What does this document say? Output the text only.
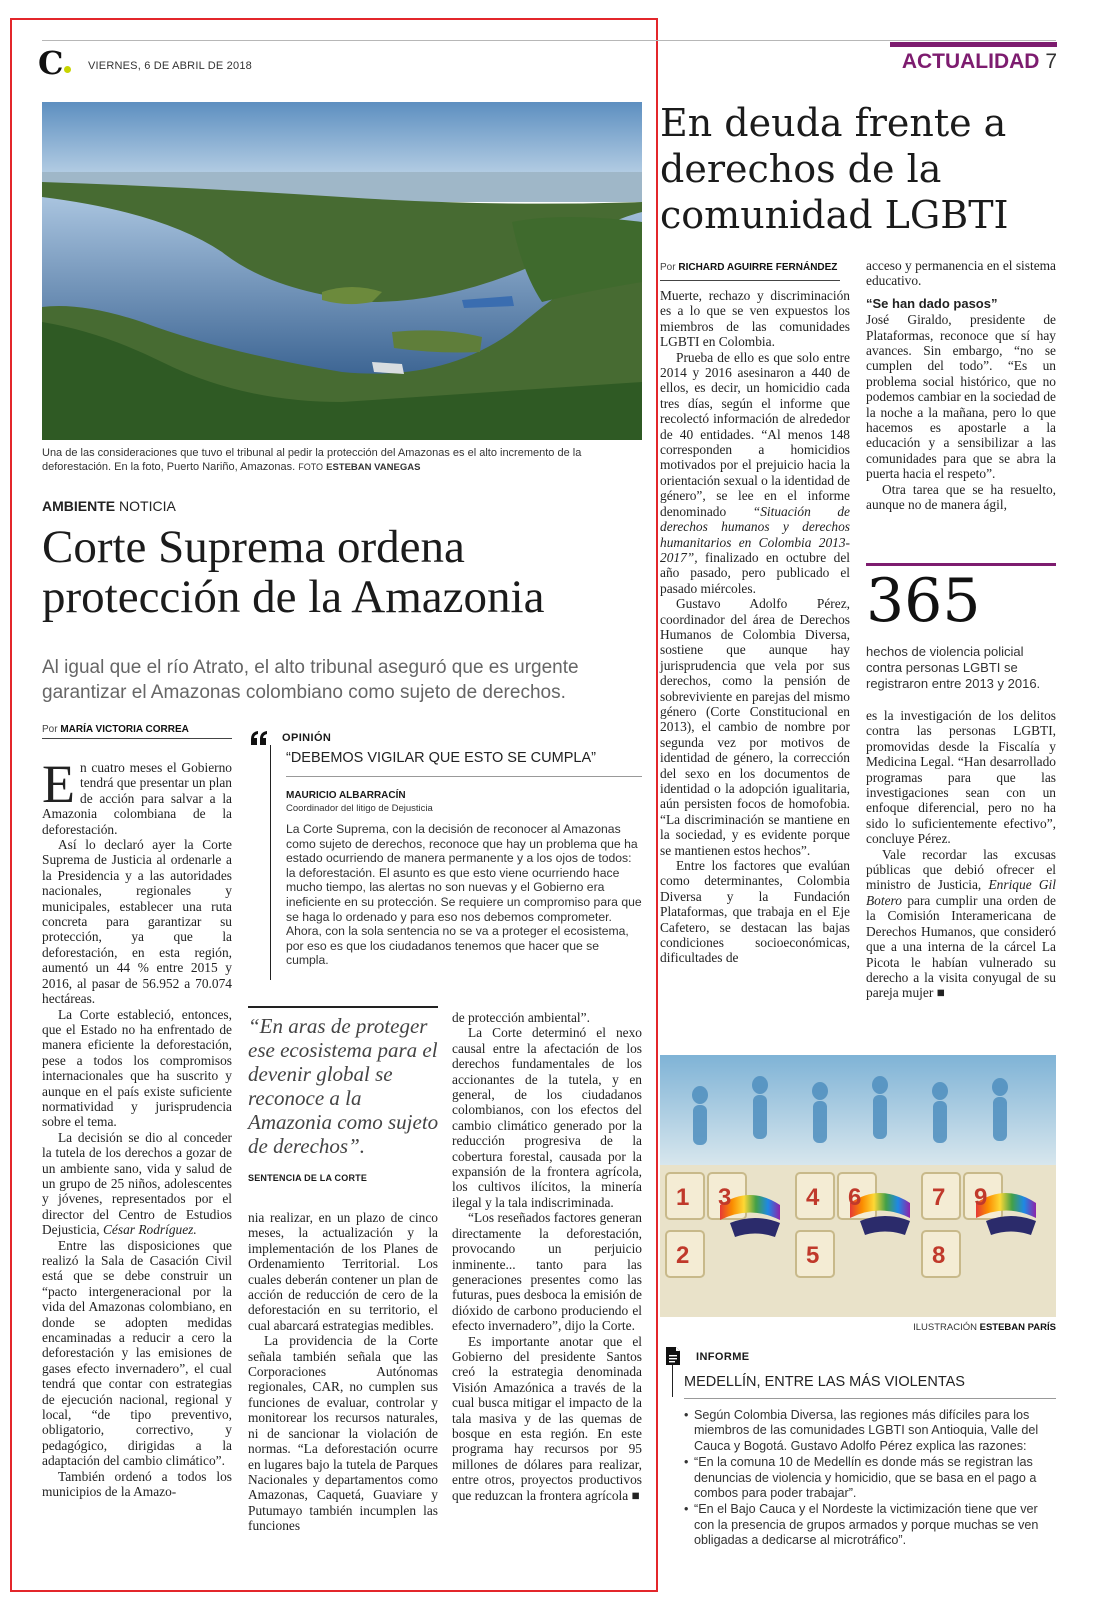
C VIERNES, 6 DE ABRIL DE 2018	ACTUALIDAD 7
Una de las consideraciones que tuvo el tribunal al pedir la protección del Amazonas es el alto incremento de la deforestación. En la foto, Puerto Nariño, Amazonas. FOTO ESTEBAN VANEGAS
AMBIENTE NOTICIA
Corte Suprema ordena protección de la Amazonia
Al igual que el río Atrato, el alto tribunal aseguró que es urgente garantizar el Amazonas colombiano como sujeto de derechos.
Por MARÍA VICTORIA CORREA

En cuatro meses el Gobierno tendrá que presentar un plan de acción para salvar a la Amazonia colombiana de la deforestación.

Así lo declaró ayer la Corte Suprema de Justicia al ordenarle a la Presidencia y a las autoridades nacionales, regionales y municipales, establecer una ruta concreta para garantizar su protección, ya que la deforestación, en esta región, aumentó un 44 % entre 2015 y 2016, al pasar de 56.952 a 70.074 hectáreas.

La Corte estableció, entonces, que el Estado no ha enfrentado de manera eficiente la deforestación, pese a todos los compromisos internacionales que ha suscrito y aunque en el país existe suficiente normatividad y jurisprudencia sobre el tema.

La decisión se dio al conceder la tutela de los derechos a gozar de un ambiente sano, vida y salud de un grupo de 25 niños, adolescentes y jóvenes, representados por el director del Centro de Estudios Dejusticia, César Rodríguez.

Entre las disposiciones que realizó la Sala de Casación Civil está que se debe construir un “pacto intergeneracional por la vida del Amazonas colombiano, en donde se adopten medidas encaminadas a reducir a cero la deforestación y las emisiones de gases efecto invernadero”, el cual tendrá que contar con estrategias de ejecución nacional, regional y local, “de tipo preventivo, obligatorio, correctivo, y pedagógico, dirigidas a la adaptación del cambio climático”.

También ordenó a todos los municipios de la Amazo-

OPINIÓN
“DEBEMOS VIGILAR QUE ESTO SE CUMPLA”
MAURICIO ALBARRACÍN
Coordinador del litigo de Dejusticia
La Corte Suprema, con la decisión de reconocer al Amazonas como sujeto de derechos, reconoce que hay un problema que ha estado ocurriendo de manera permanente y a los ojos de todos: la deforestación. El asunto es que esto viene ocurriendo hace mucho tiempo, las alertas no son nuevas y el Gobierno era ineficiente en su protección. Se requiere un compromiso para que se haga lo ordenado y para eso nos debemos comprometer. Ahora, con la sola sentencia no se va a proteger el ecosistema, por eso es que los ciudadanos tenemos que hacer que se cumpla.
“En aras de proteger ese ecosistema para el devenir global se reconoce a la Amazonia como sujeto de derechos”.
SENTENCIA DE LA CORTE

nia realizar, en un plazo de cinco meses, la actualización y la implementación de los Planes de Ordenamiento Territorial. Los cuales deberán contener un plan de acción de reducción de cero de la deforestación en su territorio, el cual abarcará estrategias medibles.

La providencia de la Corte señala también señala que las Corporaciones Autónomas regionales, CAR, no cumplen sus funciones de evaluar, controlar y monitorear los recursos naturales, ni de sancionar la violación de normas. “La deforestación ocurre en lugares bajo la tutela de Parques Nacionales y departamentos como Amazonas, Caquetá, Guaviare y Putumayo también incumplen las funciones

de protección ambiental”.

La Corte determinó el nexo causal entre la afectación de los derechos fundamentales de los accionantes de la tutela, y en general, de los ciudadanos colombianos, con los efectos del cambio climático generado por la reducción progresiva de la cobertura forestal, causada por la expansión de la frontera agrícola, los cultivos ilícitos, la minería ilegal y la tala indiscriminada.

“Los reseñados factores generan directamente la deforestación, provocando un perjuicio inminente... tanto para las generaciones presentes como las futuras, pues desboca la emisión de dióxido de carbono produciendo el efecto invernadero”, dijo la Corte.

Es importante anotar que el Gobierno del presidente Santos creó la estrategia denominada Visión Amazónica a través de la cual busca mitigar el impacto de la tala masiva y de las quemas de bosque en esta región. En este programa hay recursos por 95 millones de dólares para realizar, entre otros, proyectos productivos que reduzcan la frontera agrícola ■

En deuda frente a derechos de la comunidad LGBTI
Por RICHARD AGUIRRE FERNÁNDEZ

Muerte, rechazo y discriminación es a lo que se ven expuestos los miembros de las comunidades LGBTI en Colombia.

Prueba de ello es que solo entre 2014 y 2016 asesinaron a 440 de ellos, es decir, un homicidio cada tres días, según el informe que recolectó información de alrededor de 40 entidades. “Al menos 148 corresponden a homicidios motivados por el prejuicio hacia la orientación sexual o la identidad de género”, se lee en el informe denominado “Situación de derechos humanos y derechos humanitarios en Colombia 2013-2017”, finalizado en octubre del año pasado, pero publicado el pasado miércoles.

Gustavo Adolfo Pérez, coordinador del área de Derechos Humanos de Colombia Diversa, sostiene que aunque hay jurisprudencia que vela por sus derechos, como la pensión de sobreviviente en parejas del mismo género (Corte Constitucional en 2013), el cambio de nombre por segunda vez por motivos de identidad de género, la corrección del sexo en los documentos de identidad o la adopción igualitaria, aún persisten focos de homofobia. “La discriminación se mantiene en la sociedad, y es evidente porque se mantienen estos hechos”.

Entre los factores que evalúan como determinantes, Colombia Diversa y la Fundación Plataformas, que trabaja en el Eje Cafetero, se destacan las bajas condiciones socioeconómicas, dificultades de

acceso y permanencia en el sistema educativo.

“Se han dado pasos”

José Giraldo, presidente de Plataformas, reconoce que sí hay avances. Sin embargo, “no se cumplen del todo”. “Es un problema social histórico, que no podemos cambiar en la sociedad de la noche a la mañana, pero lo que hacemos es apostarle a la educación y a sensibilizar a las comunidades para que se abra la puerta hacia el respeto”.

Otra tarea que se ha resuelto, aunque no de manera ágil,

365
hechos de violencia policial contra personas LGBTI se registraron entre 2013 y 2016.

es la investigación de los delitos contra las personas LGBTI, promovidas desde la Fiscalía y Medicina Legal. “Han desarrollado programas para que las investigaciones sean con un enfoque diferencial, pero no ha sido lo suficientemente efectivo”, concluye Pérez.

Vale recordar las excusas públicas que debió ofrecer el ministro de Justicia, Enrique Gil Botero para cumplir una orden de la Comisión Interamericana de Derechos Humanos, que consideró que a una interna de la cárcel La Picota le habían vulnerado su derecho a la visita conyugal de su pareja mujer ■

1 3	4 6	7 9
2	5	8
ILUSTRACIÓN ESTEBAN PARÍS
INFORME
MEDELLÍN, ENTRE LAS MÁS VIOLENTAS
• Según Colombia Diversa, las regiones más difíciles para los miembros de las comunidades LGBTI son Antioquia, Valle del Cauca y Bogotá. Gustavo Adolfo Pérez explica las razones:
• “En la comuna 10 de Medellín es donde más se registran las denuncias de violencia y homicidio, que se basa en el pago a combos para poder trabajar”.
• “En el Bajo Cauca y el Nordeste la victimización tiene que ver con la presencia de grupos armados y porque muchas se ven obligadas a dedicarse al microtráfico”.
